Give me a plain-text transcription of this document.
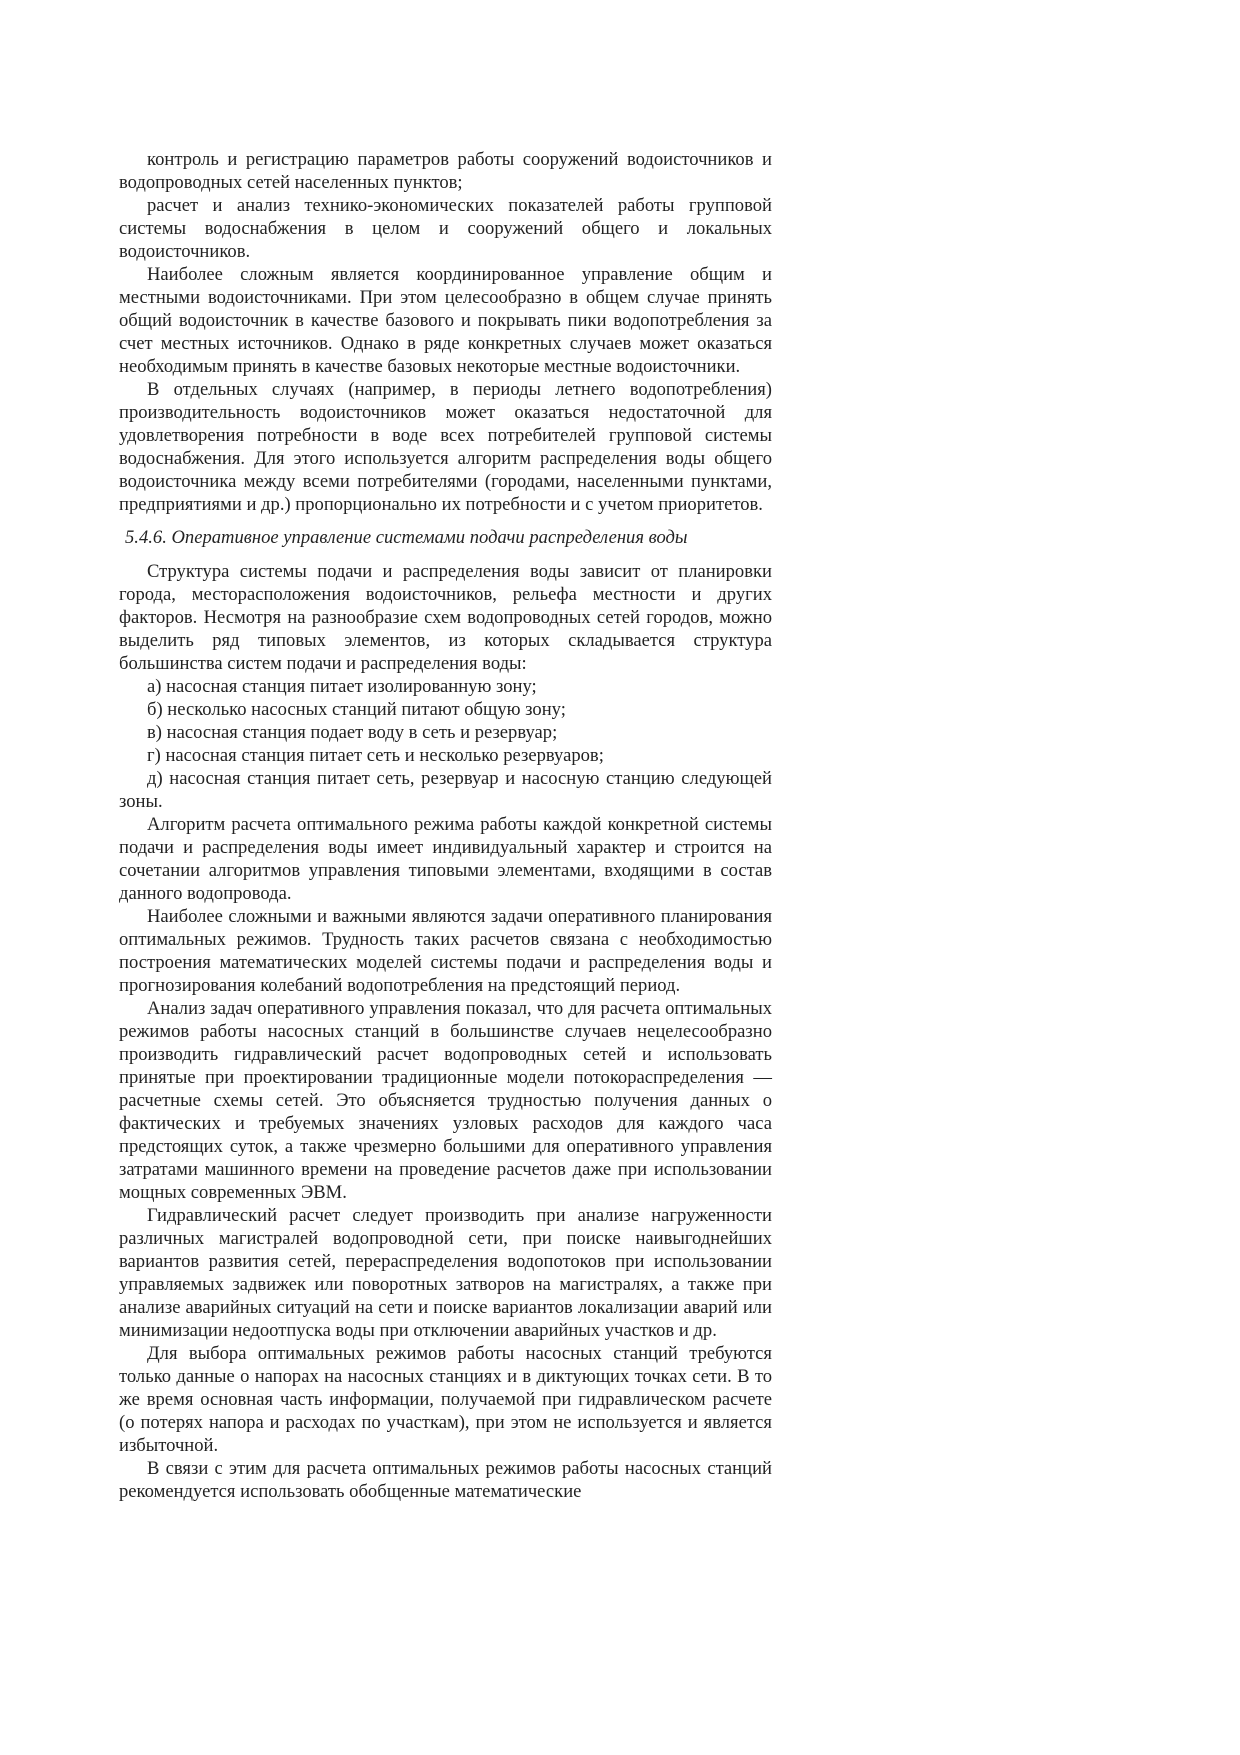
контроль и регистрацию параметров работы сооружений водоисточников и водопроводных сетей населенных пунктов;

расчет и анализ технико-экономических показателей работы групповой системы водоснабжения в целом и сооружений общего и локальных водоисточников.

Наиболее сложным является координированное управление общим и местными водоисточниками. При этом целесообразно в общем случае принять общий водоисточник в качестве базового и покрывать пики водопотребления за счет местных источников. Однако в ряде конкретных случаев может оказаться необходимым принять в качестве базовых некоторые местные водоисточники.

В отдельных случаях (например, в периоды летнего водопотребления) производительность водоисточников может оказаться недостаточной для удовлетворения потребности в воде всех потребителей групповой системы водоснабжения. Для этого используется алгоритм распределения воды общего водоисточника между всеми потребителями (городами, населенными пунктами, предприятиями и др.) пропорционально их потребности и с учетом приоритетов.

5.4.6. Оперативное управление системами подачи распределения воды

Структура системы подачи и распределения воды зависит от планировки города, месторасположения водоисточников, рельефа местности и других факторов. Несмотря на разнообразие схем водопроводных сетей городов, можно выделить ряд типовых элементов, из которых складывается структура большинства систем подачи и распределения воды:

а) насосная станция питает изолированную зону;

б) несколько насосных станций питают общую зону;

в) насосная станция подает воду в сеть и резервуар;

г) насосная станция питает сеть и несколько резервуаров;

д) насосная станция питает сеть, резервуар и насосную станцию следующей зоны.

Алгоритм расчета оптимального режима работы каждой конкретной системы подачи и распределения воды имеет индивидуальный характер и строится на сочетании алгоритмов управления типовыми элементами, входящими в состав данного водопровода.

Наиболее сложными и важными являются задачи оперативного планирования оптимальных режимов. Трудность таких расчетов связана с необходимостью построения математических моделей системы подачи и распределения воды и прогнозирования колебаний водопотребления на предстоящий период.

Анализ задач оперативного управления показал, что для расчета оптимальных режимов работы насосных станций в большинстве случаев нецелесообразно производить гидравлический расчет водопроводных сетей и использовать принятые при проектировании традиционные модели потокораспределения — расчетные схемы сетей. Это объясняется трудностью получения данных о фактических и требуемых значениях узловых расходов для каждого часа предстоящих суток, а также чрезмерно большими для оперативного управления затратами машинного времени на проведение расчетов даже при использовании мощных современных ЭВМ.

Гидравлический расчет следует производить при анализе нагруженности различных магистралей водопроводной сети, при поиске наивыгоднейших вариантов развития сетей, перераспределения водопотоков при использовании управляемых задвижек или поворотных затворов на магистралях, а также при анализе аварийных ситуаций на сети и поиске вариантов локализации аварий или минимизации недоотпуска воды при отключении аварийных участков и др.

Для выбора оптимальных режимов работы насосных станций требуются только данные о напорах на насосных станциях и в диктующих точках сети. В то же время основная часть информации, получаемой при гидравлическом расчете (о потерях напора и расходах по участкам), при этом не используется и является избыточной.

В связи с этим для расчета оптимальных режимов работы насосных станций рекомендуется использовать обобщенные математические
